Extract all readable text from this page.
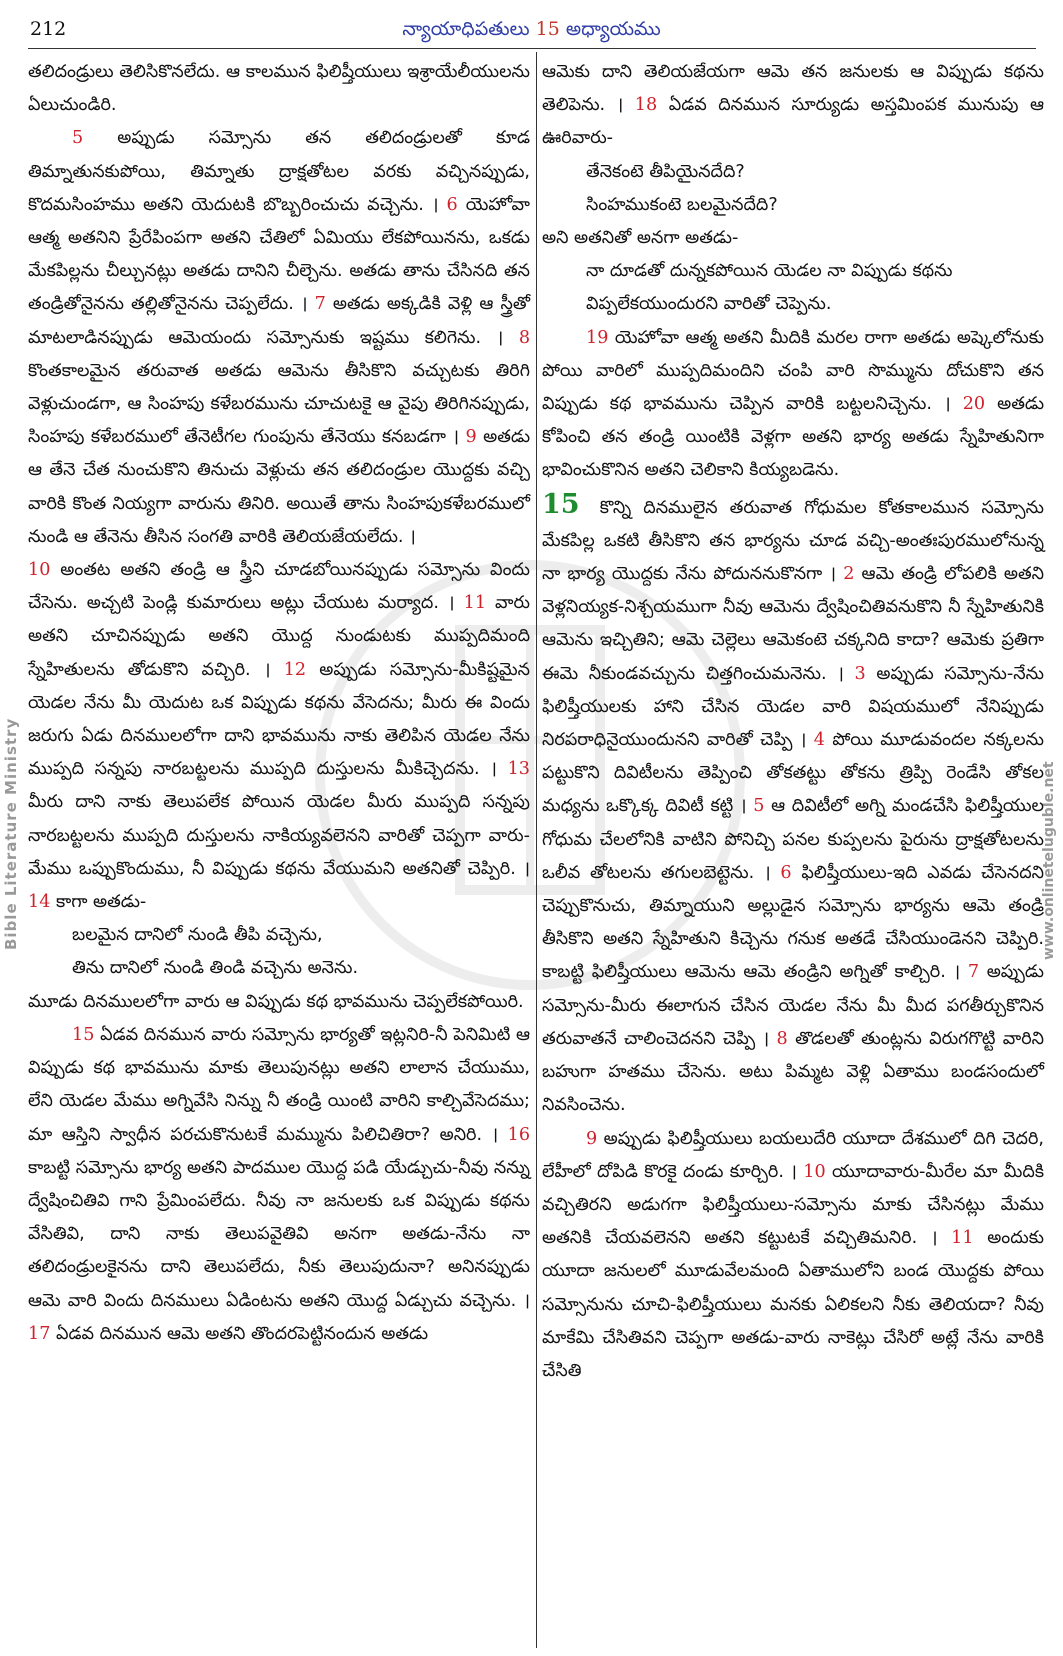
212	న్యాయాధిపతులు 15 అధ్యాయము
Bible Literature Ministry	www.onlineteluguble.net

తలిదండ్రులు తెలిసికొనలేదు. ఆ కాలమున ఫిలిష్తీయులు ఇశ్రాయేలీయులను ఏలుచుండిరి.

5 అప్పుడు సమ్సోను తన తలిదండ్రులతో కూడ తిమ్నాతునకుపోయి, తిమ్నాతు ద్రాక్షతోటల వరకు వచ్చినప్పుడు, కొదమసింహము అతని యెదుటకి బొబ్బరించుచు వచ్చెను. । 6 యెహోవా ఆత్మ అతనిని ప్రేరేపింపగా అతని చేతిలో ఏమియు లేకపోయినను, ఒకడు మేకపిల్లను చీల్చునట్లు అతడు దానిని చీల్చెను. అతడు తాను చేసినది తన తండ్రితోనైనను తల్లితోనైనను చెప్పలేదు. । 7 అతడు అక్కడికి వెళ్లి ఆ స్త్రీతో మాటలాడినప్పుడు ఆమెయందు సమ్సోనుకు ఇష్టము కలిగెను. । 8 కొంతకాలమైన తరువాత అతడు ఆమెను తీసికొని వచ్చుటకు తిరిగి వెళ్లుచుండగా, ఆ సింహపు కళేబరమును చూచుటకై ఆ వైపు తిరిగినప్పుడు, సింహపు కళేబరములో తేనెటీగల గుంపును తేనెయు కనబడగా । 9 అతడు ఆ తేనె చేత నుంచుకొని తినుచు వెళ్లుచు తన తలిదండ్రుల యొద్దకు వచ్చి వారికి కొంత నియ్యగా వారును తినిరి. అయితే తాను సింహపుకళేబరములో నుండి ఆ తేనెను తీసిన సంగతి వారికి తెలియజేయలేదు. ।

10 అంతట అతని తండ్రి ఆ స్త్రీని చూడబోయినప్పుడు సమ్సోను విందు చేసెను. అచ్చటి పెండ్లి కుమారులు అట్లు చేయుట మర్యాద. । 11 వారు అతని చూచినప్పుడు అతని యొద్ద నుండుటకు ముప్పదిమంది స్నేహితులను తోడుకొని వచ్చిరి. । 12 అప్పుడు సమ్సోను-మీకిష్టమైన యెడల నేను మీ యెదుట ఒక విప్పుడు కథను వేసెదను; మీరు ఈ విందు జరుగు ఏడు దినములలోగా దాని భావమును నాకు తెలిపిన యెడల నేను ముప్పది సన్నపు నారబట్టలను ముప్పది దుస్తులను మీకిచ్చెదను. । 13 మీరు దాని నాకు తెలుపలేక పోయిన యెడల మీరు ముప్పది సన్నపు నారబట్టలను ముప్పది దుస్తులను నాకియ్యవలెనని వారితో చెప్పగా వారు-మేము ఒప్పుకొందుము, నీ విప్పుడు కథను వేయుమని అతనితో చెప్పిరి. । 14 కాగా అతడు-

బలమైన దానిలో నుండి తీపి వచ్చెను,

తిను దానిలో నుండి తిండి వచ్చెను అనెను.

మూడు దినములలోగా వారు ఆ విప్పుడు కథ భావమును చెప్పలేకపోయిరి.

15 ఏడవ దినమున వారు సమ్సోను భార్యతో ఇట్లనిరి-నీ పెనిమిటి ఆ విప్పుడు కథ భావమును మాకు తెలుపునట్లు అతని లాలాన చేయుము, లేని యెడల మేము అగ్నివేసి నిన్ను నీ తండ్రి యింటి వారిని కాల్చివేసెదము; మా ఆస్తిని స్వాధీన పరచుకొనుటకే మమ్మును పిలిచితిరా? అనిరి. । 16 కాబట్టి సమ్సోను భార్య అతని పాదముల యొద్ద పడి యేడ్చుచు-నీవు నన్ను ద్వేషించితివి గాని ప్రేమింపలేదు. నీవు నా జనులకు ఒక విప్పుడు కథను వేసితివి, దాని నాకు తెలుపవైతివి అనగా అతడు-నేను నా తలిదండ్రులకైనను దాని తెలుపలేదు, నీకు తెలుపుదునా? అనినప్పుడు ఆమె వారి విందు దినములు ఏడింటను అతని యొద్ద ఏడ్చుచు వచ్చెను. । 17 ఏడవ దినమున ఆమె అతని తొందరపెట్టినందున అతడు

ఆమెకు దాని తెలియజేయగా ఆమె తన జనులకు ఆ విప్పుడు కథను తెలిపెను. । 18 ఏడవ దినమున సూర్యుడు అస్తమింపక మునుపు ఆ ఊరివారు-

తేనెకంటె తీపియైనదేది?

సింహముకంటె బలమైనదేది?

అని అతనితో అనగా అతడు-

నా దూడతో దున్నకపోయిన యెడల నా విప్పుడు కథను విప్పలేకయుందురని వారితో చెప్పెను.

19 యెహోవా ఆత్మ అతని మీదికి మరల రాగా అతడు అష్కెలోనుకు పోయి వారిలో ముప్పదిమందిని చంపి వారి సొమ్మును దోచుకొని తన విప్పుడు కథ భావమును చెప్పిన వారికి బట్టలనిచ్చెను. । 20 అతడు కోపించి తన తండ్రి యింటికి వెళ్లగా అతని భార్య అతడు స్నేహితునిగా భావించుకొనిన అతని చెలికాని కియ్యబడెను.

15 కొన్ని దినములైన తరువాత గోధుమల కోతకాలమున సమ్సోను మేకపిల్ల ఒకటి తీసికొని తన భార్యను చూడ వచ్చి-అంతఃపురములోనున్న నా భార్య యొద్దకు నేను పోదుననుకొనగా । 2 ఆమె తండ్రి లోపలికి అతని వెళ్లనియ్యక-నిశ్చయముగా నీవు ఆమెను ద్వేషించితివనుకొని నీ స్నేహితునికి ఆమెను ఇచ్చితిని; ఆమె చెల్లెలు ఆమెకంటె చక్కనిది కాదా? ఆమెకు ప్రతిగా ఈమె నీకుండవచ్చును చిత్తగించుమనెను. । 3 అప్పుడు సమ్సోను-నేను ఫిలిష్తీయులకు హాని చేసిన యెడల వారి విషయములో నేనిప్పుడు నిరపరాధినైయుందునని వారితో చెప్పి । 4 పోయి మూడువందల నక్కలను పట్టుకొని దివిటీలను తెప్పించి తోకతట్టు తోకను త్రిప్పి రెండేసి తోకల మధ్యను ఒక్కొక్క దివిటీ కట్టి । 5 ఆ దివిటీలో అగ్ని మండచేసి ఫిలిష్తీయుల గోధుమ చేలలోనికి వాటిని పోనిచ్చి పనల కుప్పలను పైరును ద్రాక్షతోటలను ఒలీవ తోటలను తగులబెట్టెను. । 6 ఫిలిష్తీయులు-ఇది ఎవడు చేసెనదని చెప్పుకొనుచు, తిమ్నాయుని అల్లుడైన సమ్సోను భార్యను ఆమె తండ్రి తీసికొని అతని స్నేహితుని కిచ్చెను గనుక అతడే చేసియుండెనని చెప్పిరి. కాబట్టి ఫిలిష్తీయులు ఆమెను ఆమె తండ్రిని అగ్నితో కాల్చిరి. । 7 అప్పుడు సమ్సోను-మీరు ఈలాగున చేసిన యెడల నేను మీ మీద పగతీర్చుకొనిన తరువాతనే చాలించెదనని చెప్పి । 8 తొడలతో తుంట్లను విరుగగొట్టి వారిని బహుగా హతము చేసెను. అటు పిమ్మట వెళ్లి ఏతాము బండసందులో నివసించెను.

9 అప్పుడు ఫిలిష్తీయులు బయలుదేరి యూదా దేశములో దిగి చెదరి, లేహీలో దోపిడి కొరకై దండు కూర్చిరి. । 10 యూదావారు-మీరేల మా మీదికి వచ్చితిరని అడుగగా ఫిలిష్తీయులు-సమ్సోను మాకు చేసినట్లు మేము అతనికి చేయవలెనని అతని కట్టుటకే వచ్చితిమనిరి. । 11 అందుకు యూదా జనులలో మూడువేలమంది ఏతాములోని బండ యొద్దకు పోయి సమ్సోనును చూచి-ఫిలిష్తీయులు మనకు ఏలికలని నీకు తెలియదా? నీవు మాకేమి చేసితివని చెప్పగా అతడు-వారు నాకెట్లు చేసిరో అట్లే నేను వారికి చేసితి
